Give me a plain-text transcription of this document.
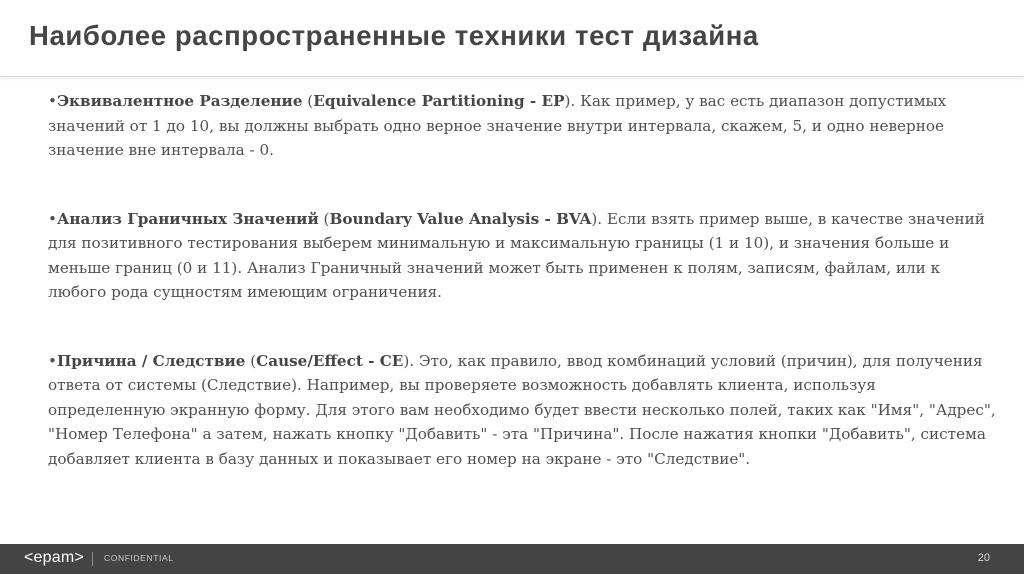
Наиболее распространенные техники тест дизайна

•Эквивалентное Разделение (Equivalence Partitioning - EP). Как пример, у вас есть диапазон допустимых значений от 1 до 10, вы должны выбрать одно верное значение внутри интервала, скажем, 5, и одно неверное значение вне интервала - 0.

•Анализ Граничных Значений (Boundary Value Analysis - BVA). Если взять пример выше, в качестве значений для позитивного тестирования выберем минимальную и максимальную границы (1 и 10), и значения больше и меньше границ (0 и 11). Анализ Граничный значений может быть применен к полям, записям, файлам, или к любого рода сущностям имеющим ограничения.

•Причина / Следствие (Cause/Effect - CE). Это, как правило, ввод комбинаций условий (причин), для получения ответа от системы (Следствие). Например, вы проверяете возможность добавлять клиента, используя определенную экранную форму. Для этого вам необходимо будет ввести несколько полей, таких как "Имя", "Адрес", "Номер Телефона" а затем, нажать кнопку "Добавить" - эта "Причина". После нажатия кнопки "Добавить", система добавляет клиента в базу данных и показывает его номер на экране - это "Следствие".

<epam> CONFIDENTIAL	20
